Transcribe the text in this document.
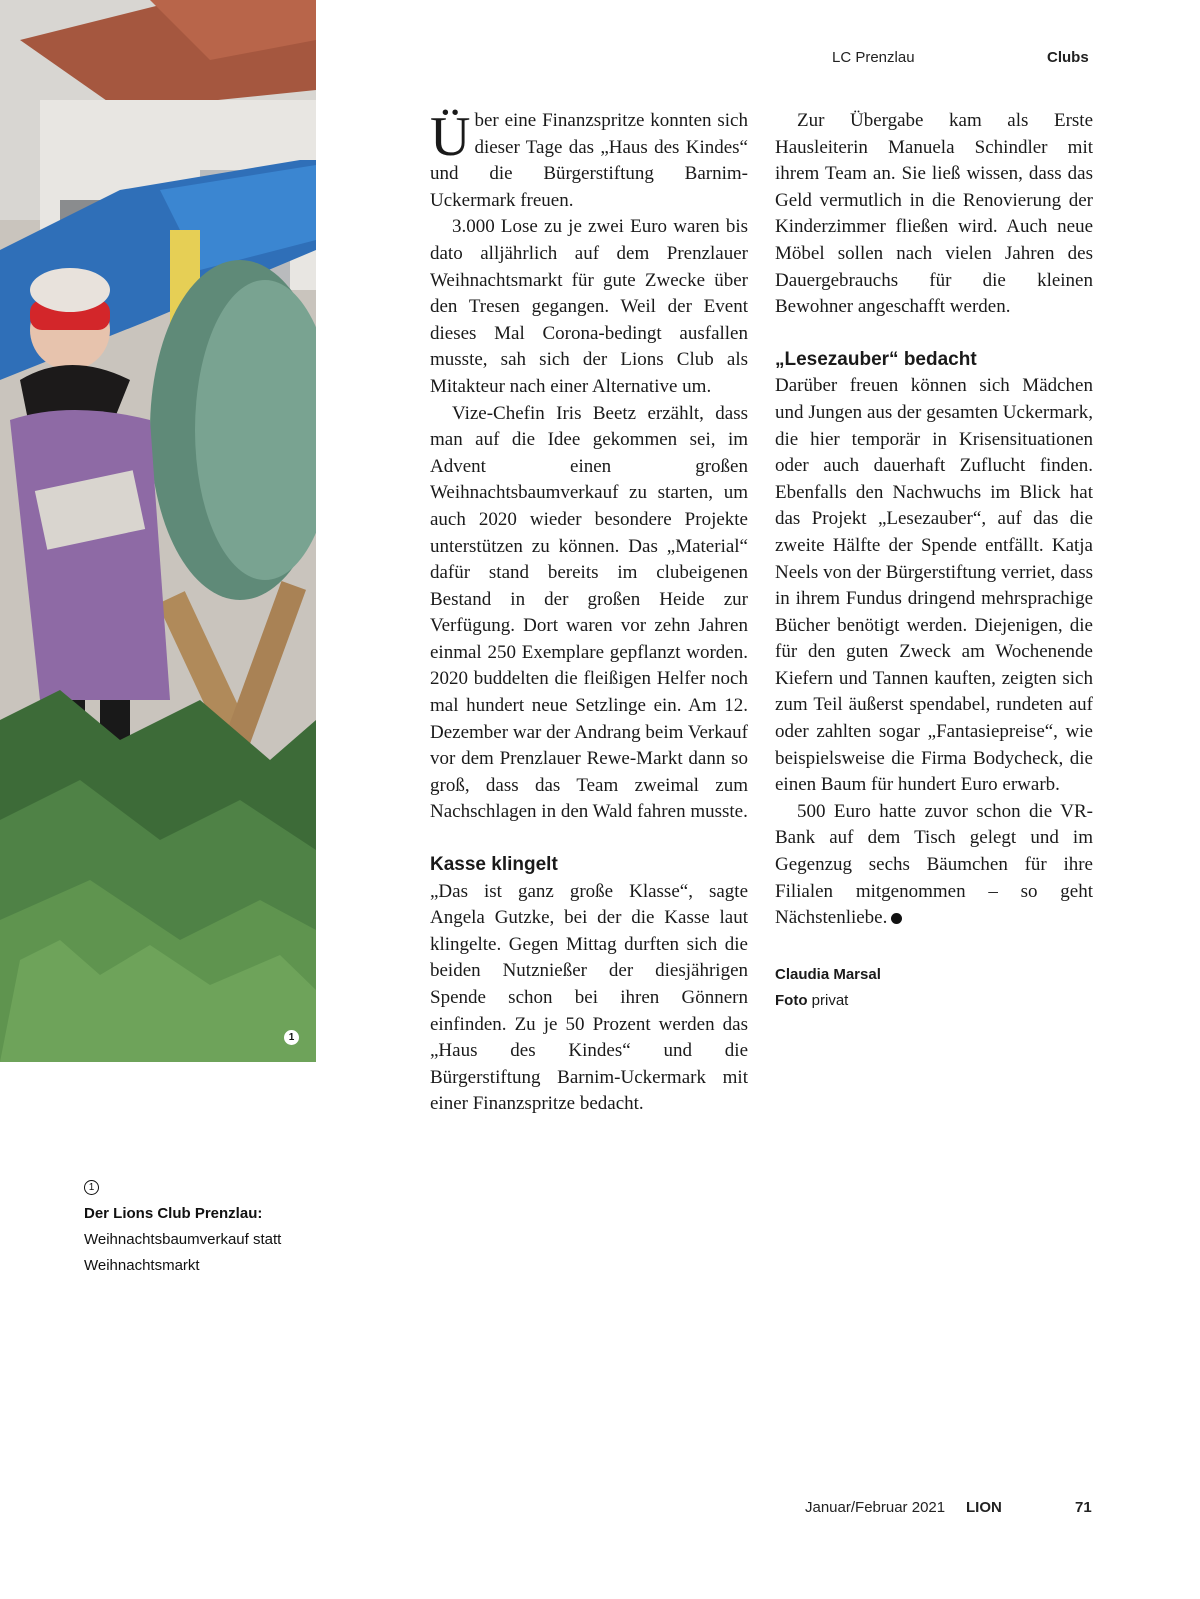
1
LC Prenzlau	Clubs

Über eine Finanzspritze konnten sich dieser Tage das „Haus des Kindes“ und die Bürgerstiftung Barnim-Uckermark freuen.

3.000 Lose zu je zwei Euro waren bis dato alljährlich auf dem Prenzlauer Weihnachtsmarkt für gute Zwecke über den Tresen gegangen. Weil der Event dieses Mal Corona-bedingt ausfallen musste, sah sich der Lions Club als Mitakteur nach einer Alternative um.

Vize-Chefin Iris Beetz erzählt, dass man auf die Idee gekommen sei, im Advent einen großen Weihnachtsbaumverkauf zu starten, um auch 2020 wieder besondere Projekte unterstützen zu können. Das „Material“ dafür stand bereits im clubeigenen Bestand in der großen Heide zur Verfügung. Dort waren vor zehn Jahren einmal 250 Exemplare gepflanzt worden. 2020 buddelten die fleißigen Helfer noch mal hundert neue Setzlinge ein. Am 12. Dezember war der Andrang beim Verkauf vor dem Prenzlauer Rewe-Markt dann so groß, dass das Team zweimal zum Nachschlagen in den Wald fahren musste.

Kasse klingelt

„Das ist ganz große Klasse“, sagte Angela Gutzke, bei der die Kasse laut klingelte. Gegen Mittag durften sich die beiden Nutznießer der diesjährigen Spende schon bei ihren Gönnern einfinden. Zu je 50 Prozent werden das „Haus des Kindes“ und die Bürgerstiftung Barnim-Uckermark mit einer Finanzspritze bedacht.

Zur Übergabe kam als Erste Hausleiterin Manuela Schindler mit ihrem Team an. Sie ließ wissen, dass das Geld vermutlich in die Renovierung der Kinderzimmer fließen wird. Auch neue Möbel sollen nach vielen Jahren des Dauergebrauchs für die kleinen Bewohner angeschafft werden.

„Lesezauber“ bedacht

Darüber freuen können sich Mädchen und Jungen aus der gesamten Uckermark, die hier temporär in Krisensituationen oder auch dauerhaft Zuflucht finden. Ebenfalls den Nachwuchs im Blick hat das Projekt „Lesezauber“, auf das die zweite Hälfte der Spende entfällt. Katja Neels von der Bürgerstiftung verriet, dass in ihrem Fundus dringend mehrsprachige Bücher benötigt werden. Diejenigen, die für den guten Zweck am Wochenende Kiefern und Tannen kauften, zeigten sich zum Teil äußerst spendabel, rundeten auf oder zahlten sogar „Fantasiepreise“, wie beispielsweise die Firma Bodycheck, die einen Baum für hundert Euro erwarb.

500 Euro hatte zuvor schon die VR-Bank auf dem Tisch gelegt und im Gegenzug sechs Bäumchen für ihre Filialen mitgenommen – so geht Nächstenliebe.

Claudia Marsal
Foto privat
1
Der Lions Club Prenzlau:
Weihnachtsbaumverkauf statt
Weihnachtsmarkt
Januar/Februar 2021 LION	71
